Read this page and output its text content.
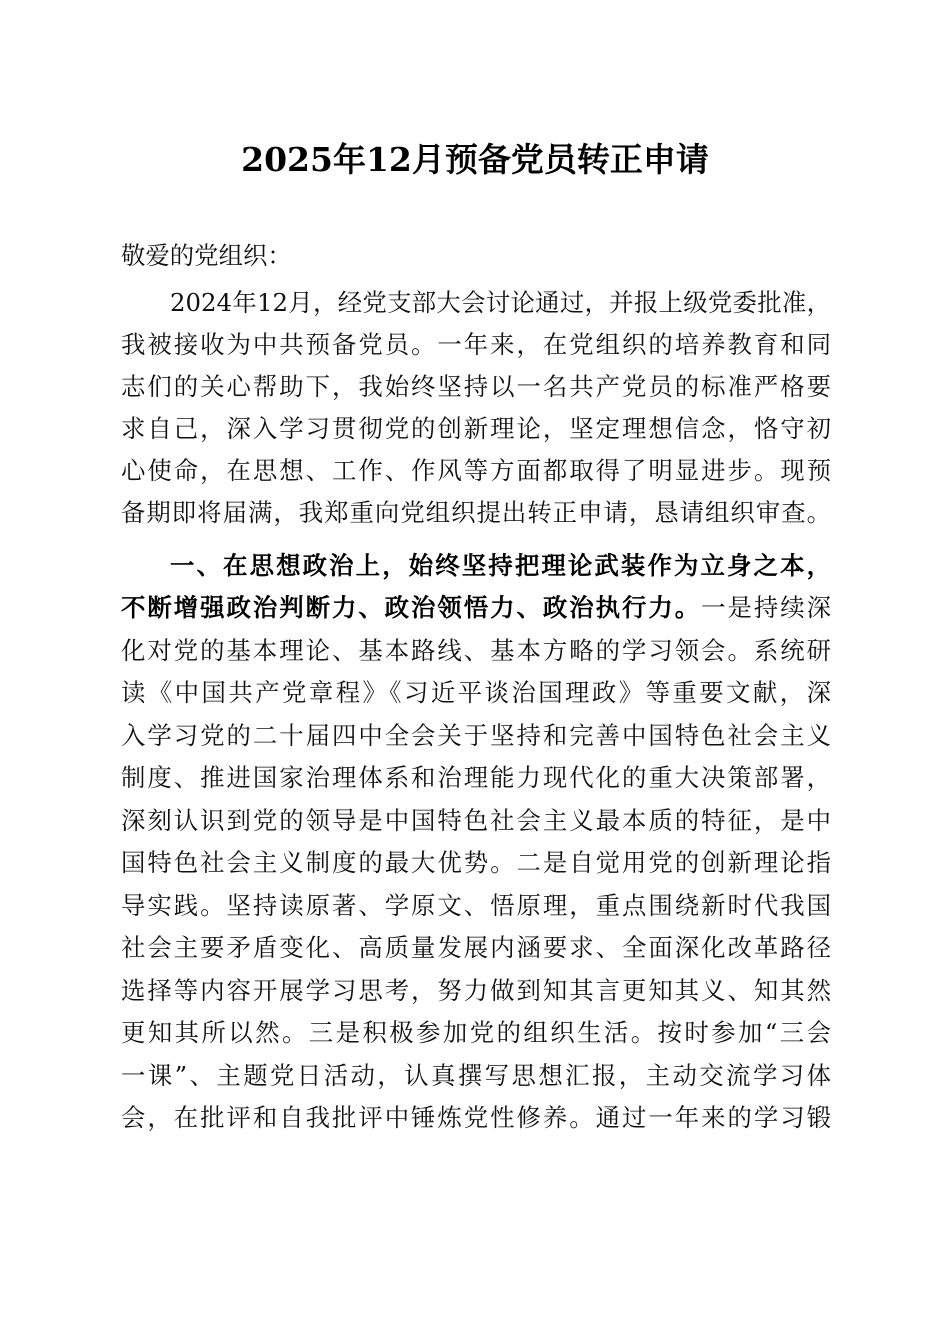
2025年12月预备党员转正申请
敬爱的党组织：
2024年12月，经党支部大会讨论通过，并报上级党委批准，
我被接收为中共预备党员。一年来，在党组织的培养教育和同
志们的关心帮助下，我始终坚持以一名共产党员的标准严格要
求自己，深入学习贯彻党的创新理论，坚定理想信念，恪守初
心使命，在思想、工作、作风等方面都取得了明显进步。现预
备期即将届满，我郑重向党组织提出转正申请，恳请组织审查。
一、在思想政治上，始终坚持把理论武装作为立身之本，
不断增强政治判断力、政治领悟力、政治执行力。一是持续深
化对党的基本理论、基本路线、基本方略的学习领会。系统研
读《中国共产党章程》《习近平谈治国理政》等重要文献，深
入学习党的二十届四中全会关于坚持和完善中国特色社会主义
制度、推进国家治理体系和治理能力现代化的重大决策部署，
深刻认识到党的领导是中国特色社会主义最本质的特征，是中
国特色社会主义制度的最大优势。二是自觉用党的创新理论指
导实践。坚持读原著、学原文、悟原理，重点围绕新时代我国
社会主要矛盾变化、高质量发展内涵要求、全面深化改革路径
选择等内容开展学习思考，努力做到知其言更知其义、知其然
更知其所以然。三是积极参加党的组织生活。按时参加“三会
一课”、主题党日活动，认真撰写思想汇报，主动交流学习体
会，在批评和自我批评中锤炼党性修养。通过一年来的学习锻
